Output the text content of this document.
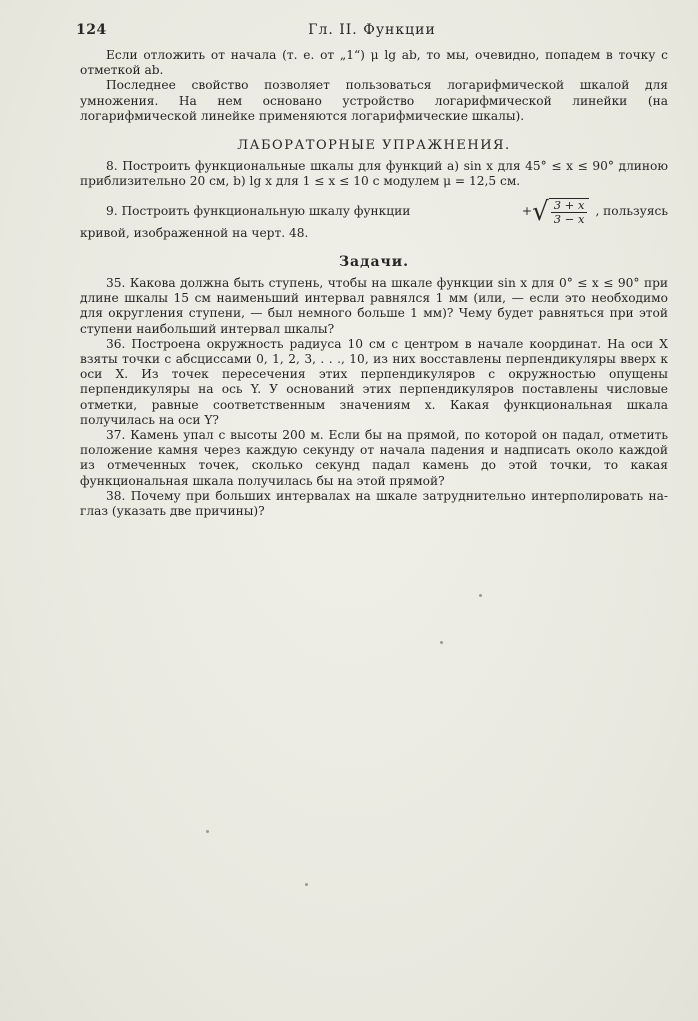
124	Гл. II. Функции

Если отложить от начала (т. е. от „1“) μ lg ab, то мы, очевидно, попадем в точку с отметкой ab.

Последнее свойство позволяет пользоваться логарифмической шкалой для умножения. На нем основано устройство логарифмической линейки (на логарифмической линейке применяются логарифмические шкалы).

ЛАБОРАТОРНЫЕ УПРАЖНЕНИЯ.

8. Построить функциональные шкалы для функций a) sin x для 45° ≤ x ≤ 90° длиною приблизительно 20 см, b) lg x для 1 ≤ x ≤ 10 с модулем μ = 12,5 см.

9. Построить функциональную шкалу функции	+ √ $\frac{3 + x}{3 - x}$ , пользуясь

кривой, изображенной на черт. 48.

Задачи.

35. Какова должна быть ступень, чтобы на шкале функции sin x для 0° ≤ x ≤ 90° при длине шкалы 15 см наименьший интервал равнялся 1 мм (или, — если это необходимо для округления ступени, — был немного больше 1 мм)? Чему будет равняться при этой ступени наибольший интервал шкалы?

36. Построена окружность радиуса 10 см с центром в начале координат. На оси X взяты точки с абсциссами 0, 1, 2, 3, . . ., 10, из них восставлены перпендикуляры вверх к оси X. Из точек пересечения этих перпендикуляров с окружностью опущены перпендикуляры на ось Y. У оснований этих перпендикуляров поставлены числовые отметки, равные соответственным значениям x. Какая функциональная шкала получилась на оси Y?

37. Камень упал с высоты 200 м. Если бы на прямой, по которой он падал, отметить положение камня через каждую секунду от начала падения и надписать около каждой из отмеченных точек, сколько секунд падал камень до этой точки, то какая функциональная шкала получилась бы на этой прямой?

38. Почему при больших интервалах на шкале затруднительно интерполировать на-глаз (указать две причины)?
